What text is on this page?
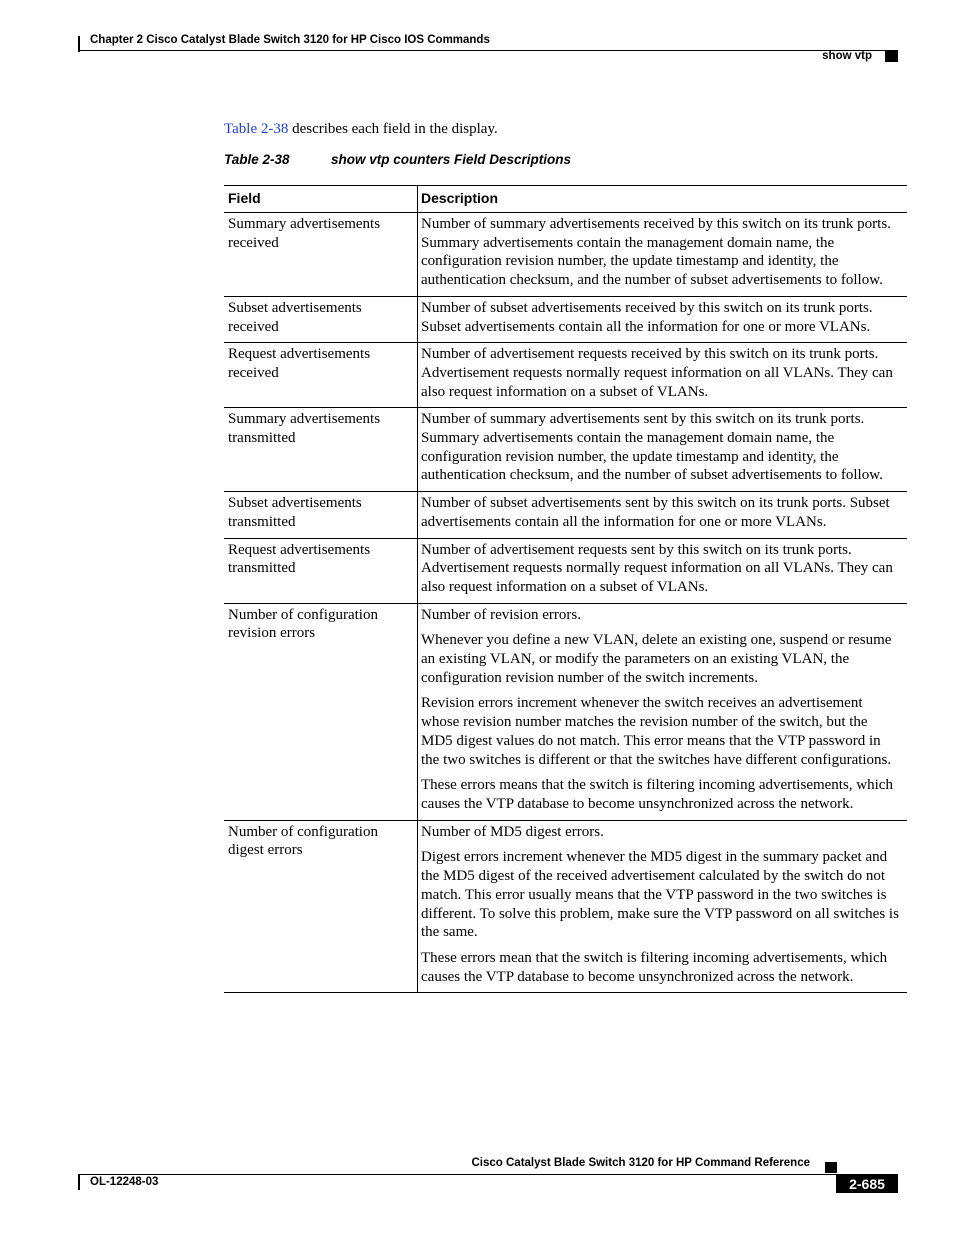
Chapter 2 Cisco Catalyst Blade Switch 3120 for HP Cisco IOS Commands
show vtp
Table 2-38 describes each field in the display.
Table 2-38	show vtp counters Field Descriptions
Field	Description
Summary advertisements received	Number of summary advertisements received by this switch on its trunk ports. Summary advertisements contain the management domain name, the configuration revision number, the update timestamp and identity, the authentication checksum, and the number of subset advertisements to follow.

Subset advertisements received	Number of subset advertisements received by this switch on its trunk ports. Subset advertisements contain all the information for one or more VLANs.

Request advertisements received	Number of advertisement requests received by this switch on its trunk ports. Advertisement requests normally request information on all VLANs. They can also request information on a subset of VLANs.

Summary advertisements transmitted	Number of summary advertisements sent by this switch on its trunk ports. Summary advertisements contain the management domain name, the configuration revision number, the update timestamp and identity, the authentication checksum, and the number of subset advertisements to follow.

Subset advertisements transmitted	Number of subset advertisements sent by this switch on its trunk ports. Subset advertisements contain all the information for one or more VLANs.

Request advertisements transmitted	Number of advertisement requests sent by this switch on its trunk ports. Advertisement requests normally request information on all VLANs. They can also request information on a subset of VLANs.

Number of configuration revision errors	Number of revision errors.

Whenever you define a new VLAN, delete an existing one, suspend or resume an existing VLAN, or modify the parameters on an existing VLAN, the configuration revision number of the switch increments.

Revision errors increment whenever the switch receives an advertisement whose revision number matches the revision number of the switch, but the MD5 digest values do not match. This error means that the VTP password in the two switches is different or that the switches have different configurations.

These errors means that the switch is filtering incoming advertisements, which causes the VTP database to become unsynchronized across the network.

Number of configuration digest errors	Number of MD5 digest errors.

Digest errors increment whenever the MD5 digest in the summary packet and the MD5 digest of the received advertisement calculated by the switch do not match. This error usually means that the VTP password in the two switches is different. To solve this problem, make sure the VTP password on all switches is the same.

These errors mean that the switch is filtering incoming advertisements, which causes the VTP database to become unsynchronized across the network.

Cisco Catalyst Blade Switch 3120 for HP Command Reference
OL-12248-03	2-685
